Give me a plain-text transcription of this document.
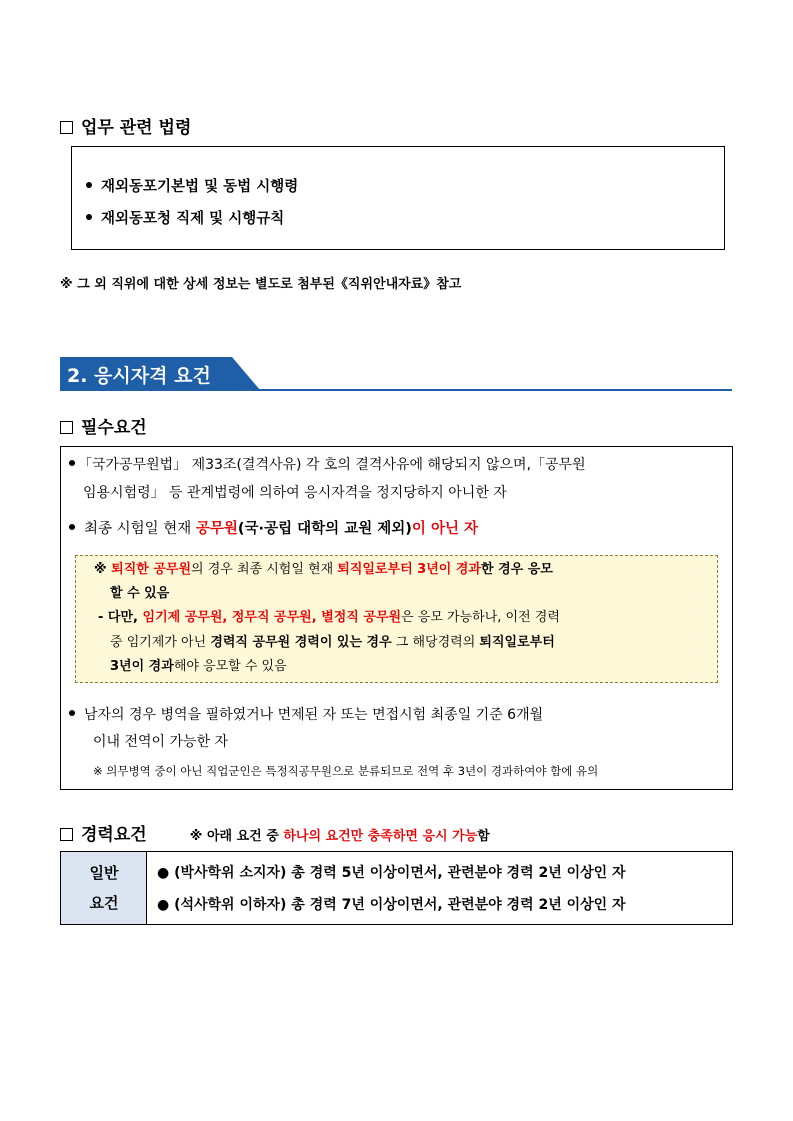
업무 관련 법령
재외동포기본법 및 동법 시행령
재외동포청 직제 및 시행규칙
※ 그 외 직위에 대한 상세 정보는 별도로 첨부된《직위안내자료》참고
2. 응시자격 요건
필수요건
「국가공무원법」 제33조(결격사유) 각 호의 결격사유에 해당되지 않으며,「공무원
임용시험령」 등 관계법령에 의하여 응시자격을 정지당하지 아니한 자
최종 시험일 현재 공무원(국·공립 대학의 교원 제외)이 아닌 자
※ 퇴직한 공무원의 경우 최종 시험일 현재 퇴직일로부터 3년이 경과한 경우 응모
할 수 있음
- 다만, 임기제 공무원, 정무직 공무원, 별정직 공무원은 응모 가능하나, 이전 경력
중 임기제가 아닌 경력직 공무원 경력이 있는 경우 그 해당경력의 퇴직일로부터
3년이 경과해야 응모할 수 있음
남자의 경우 병역을 필하였거나 면제된 자 또는 면접시험 최종일 기준 6개월
이내 전역이 가능한 자
※ 의무병역 중이 아닌 직업군인은 특정직공무원으로 분류되므로 전역 후 3년이 경과하여야 함에 유의
경력요건	※ 아래 요건 중 하나의 요건만 충족하면 응시 가능함
일반
요건
● (박사학위 소지자) 총 경력 5년 이상이면서, 관련분야 경력 2년 이상인 자
● (석사학위 이하자) 총 경력 7년 이상이면서, 관련분야 경력 2년 이상인 자
